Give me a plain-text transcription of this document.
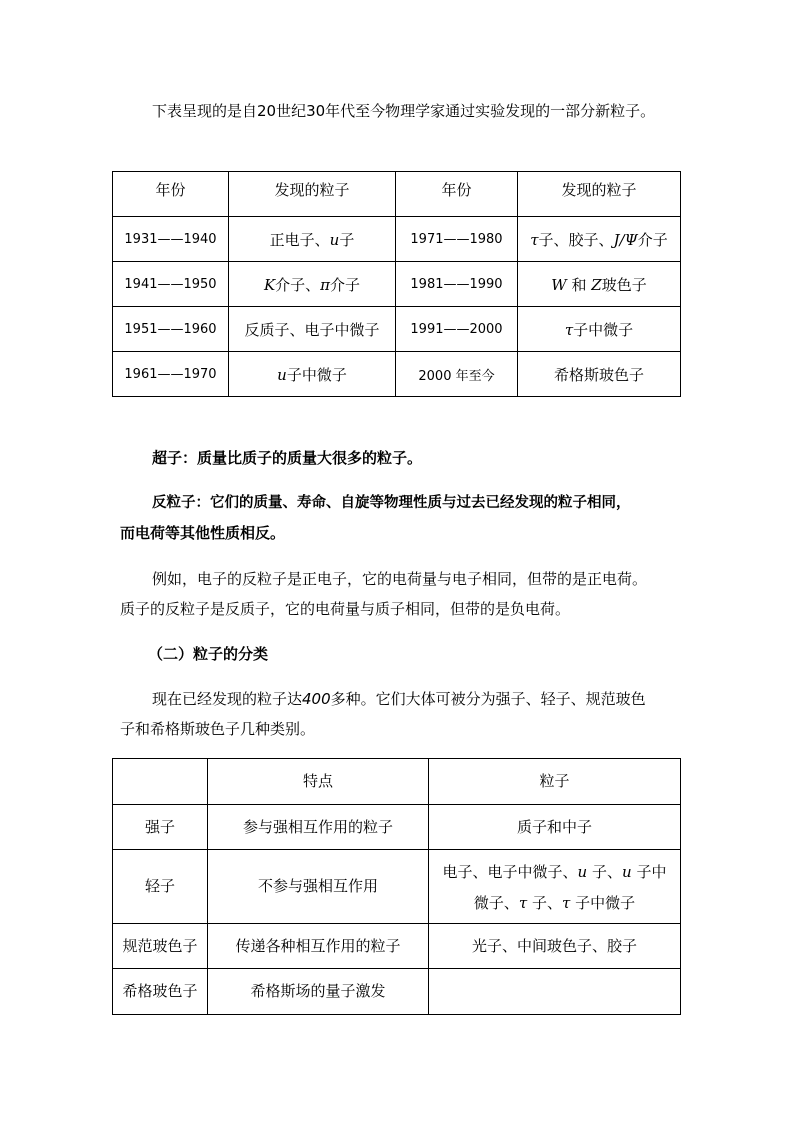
下表呈现的是自20世纪30年代至今物理学家通过实验发现的一部分新粒子。
年份	发现的粒子	年份	发现的粒子
1931——1940	正电子、u子	1971——1980	τ子、胶子、J/Ψ介子
1941——1950	K介子、π介子	1981——1990	W 和 Z玻色子
1951——1960	反质子、电子中微子	1991——2000	τ子中微子
1961——1970	u子中微子	2000 年至今	希格斯玻色子
超子：质量比质子的质量大很多的粒子。
反粒子：它们的质量、寿命、自旋等物理性质与过去已经发现的粒子相同，
而电荷等其他性质相反。
例如，电子的反粒子是正电子，它的电荷量与电子相同，但带的是正电荷。
质子的反粒子是反质子，它的电荷量与质子相同，但带的是负电荷。
（二）粒子的分类
现在已经发现的粒子达400多种。它们大体可被分为强子、轻子、规范玻色
子和希格斯玻色子几种类别。
	特点	粒子
强子	参与强相互作用的粒子	质子和中子
轻子	不参与强相互作用	电子、电子中微子、u 子、u 子中
微子、τ 子、τ 子中微子

规范玻色子	传递各种相互作用的粒子	光子、中间玻色子、胶子
希格玻色子	希格斯场的量子激发	
